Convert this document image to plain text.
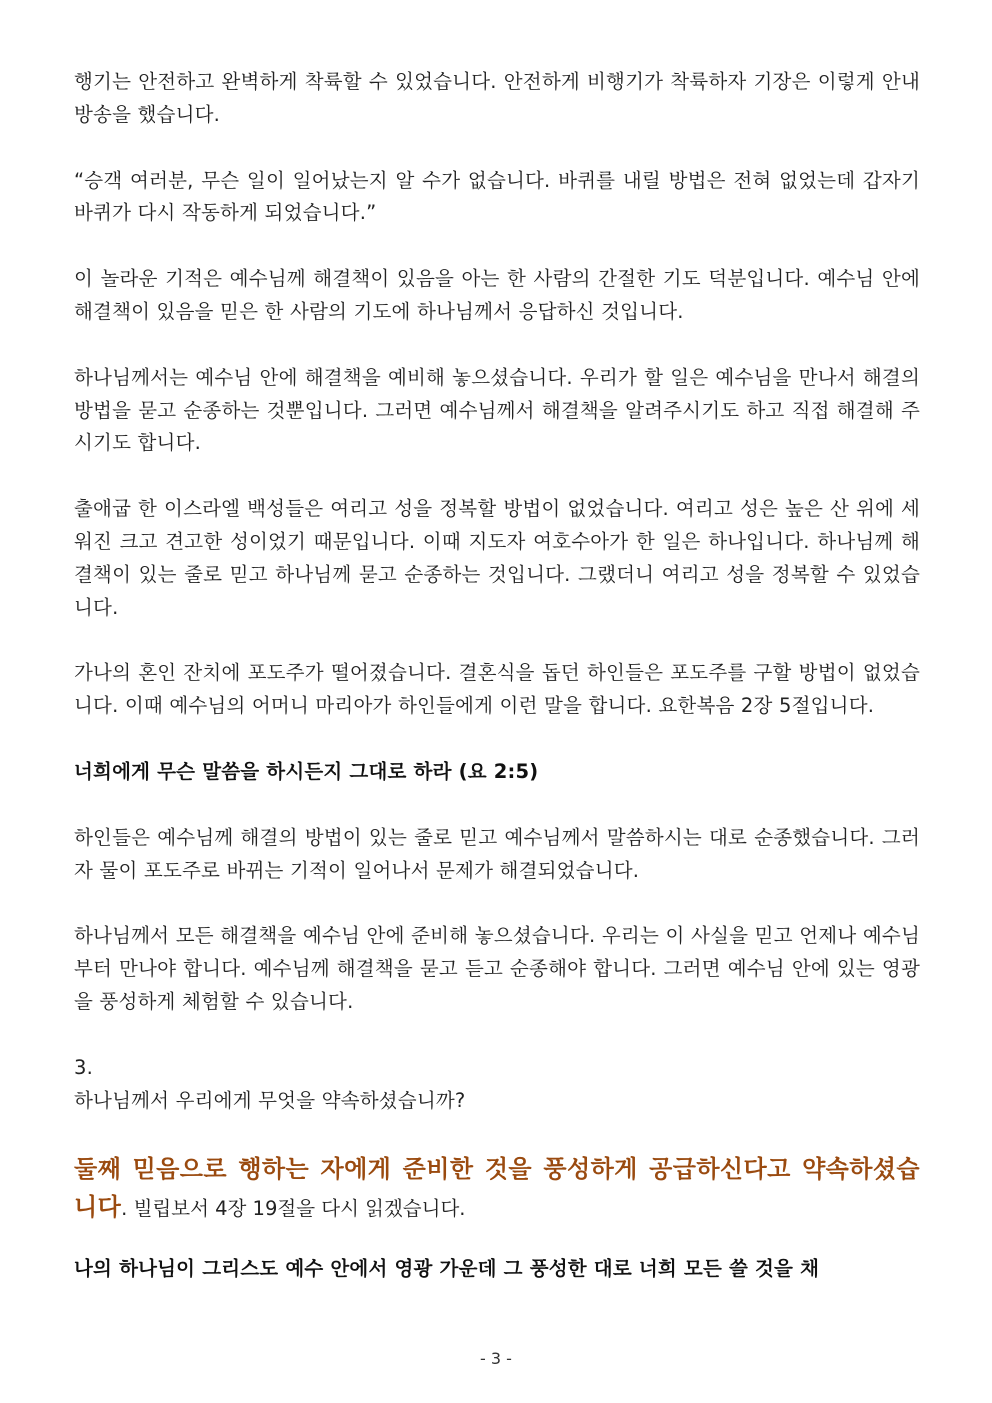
행기는 안전하고 완벽하게 착륙할 수 있었습니다. 안전하게 비행기가 착륙하자 기장은 이렇게 안내방송을 했습니다.

“승객 여러분, 무슨 일이 일어났는지 알 수가 없습니다. 바퀴를 내릴 방법은 전혀 없었는데 갑자기 바퀴가 다시 작동하게 되었습니다.”

이 놀라운 기적은 예수님께 해결책이 있음을 아는 한 사람의 간절한 기도 덕분입니다. 예수님 안에 해결책이 있음을 믿은 한 사람의 기도에 하나님께서 응답하신 것입니다.

하나님께서는 예수님 안에 해결책을 예비해 놓으셨습니다. 우리가 할 일은 예수님을 만나서 해결의 방법을 묻고 순종하는 것뿐입니다. 그러면 예수님께서 해결책을 알려주시기도 하고 직접 해결해 주시기도 합니다.

출애굽 한 이스라엘 백성들은 여리고 성을 정복할 방법이 없었습니다. 여리고 성은 높은 산 위에 세워진 크고 견고한 성이었기 때문입니다. 이때 지도자 여호수아가 한 일은 하나입니다. 하나님께 해결책이 있는 줄로 믿고 하나님께 묻고 순종하는 것입니다. 그랬더니 여리고 성을 정복할 수 있었습니다.

가나의 혼인 잔치에 포도주가 떨어졌습니다. 결혼식을 돕던 하인들은 포도주를 구할 방법이 없었습니다. 이때 예수님의 어머니 마리아가 하인들에게 이런 말을 합니다. 요한복음 2장 5절입니다.

너희에게 무슨 말씀을 하시든지 그대로 하라 (요 2:5)

하인들은 예수님께 해결의 방법이 있는 줄로 믿고 예수님께서 말씀하시는 대로 순종했습니다. 그러자 물이 포도주로 바뀌는 기적이 일어나서 문제가 해결되었습니다.

하나님께서 모든 해결책을 예수님 안에 준비해 놓으셨습니다. 우리는 이 사실을 믿고 언제나 예수님부터 만나야 합니다. 예수님께 해결책을 묻고 듣고 순종해야 합니다. 그러면 예수님 안에 있는 영광을 풍성하게 체험할 수 있습니다.

3.

하나님께서 우리에게 무엇을 약속하셨습니까?

둘째 믿음으로 행하는 자에게 준비한 것을 풍성하게 공급하신다고 약속하셨습니다. 빌립보서 4장 19절을 다시 읽겠습니다.

나의 하나님이 그리스도 예수 안에서 영광 가운데 그 풍성한 대로 너희 모든 쓸 것을 채

- 3 -
